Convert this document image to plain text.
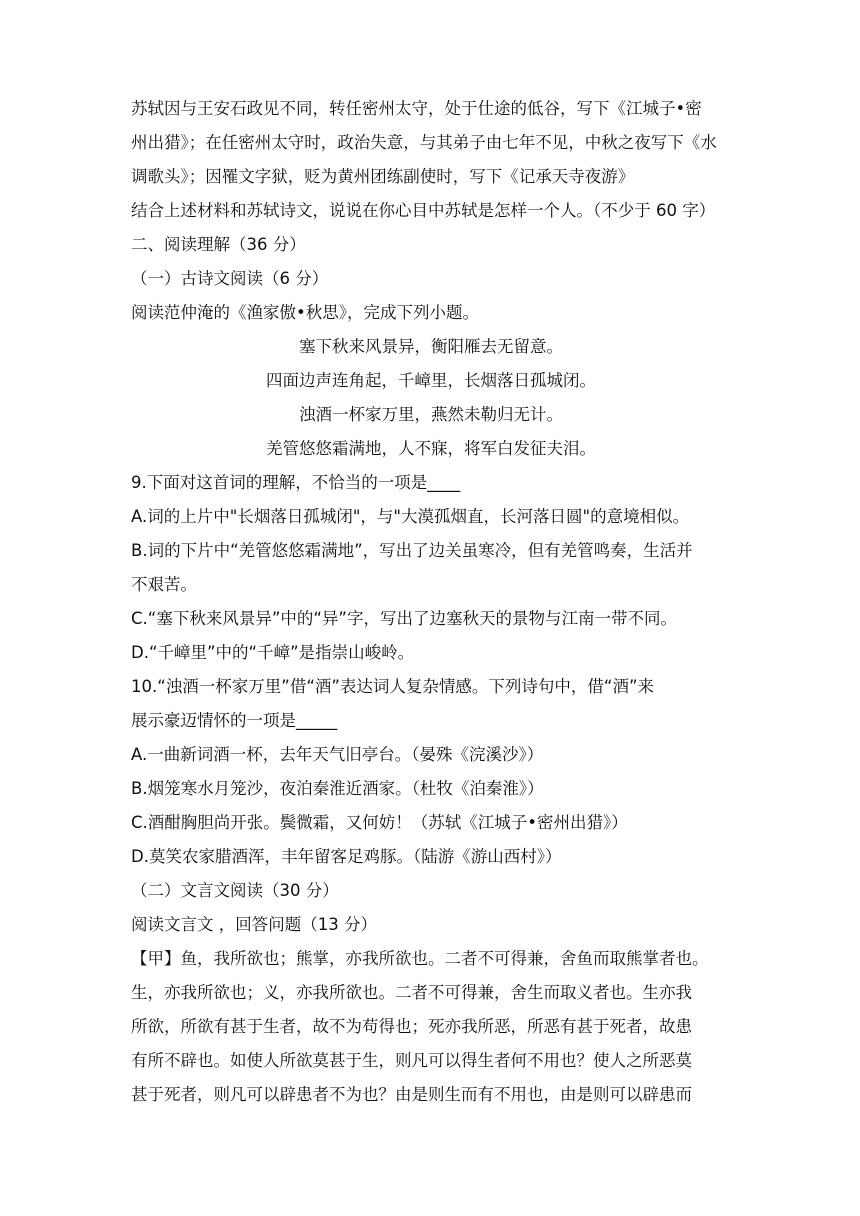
苏轼因与王安石政见不同，转任密州太守，处于仕途的低谷，写下《江城子•密
州出猎》；在任密州太守时，政治失意，与其弟子由七年不见，中秋之夜写下《水
调歌头》；因罹文字狱，贬为黄州团练副使时，写下《记承天寺夜游》
结合上述材料和苏轼诗文，说说在你心目中苏轼是怎样一个人。（不少于 60 字）
二、阅读理解（36 分）
（一）古诗文阅读（6 分）
阅读范仲淹的《渔家傲•秋思》，完成下列小题。
塞下秋来风景异，衡阳雁去无留意。
四面边声连角起，千嶂里，长烟落日孤城闭。
浊酒一杯家万里，燕然未勒归无计。
羌管悠悠霜满地，人不寐，将军白发征夫泪。
9.下面对这首词的理解，不恰当的一项是____
A.词的上片中"长烟落日孤城闭"，与"大漠孤烟直，长河落日圆"的意境相似。
B.词的下片中“羌管悠悠霜满地”，写出了边关虽寒冷，但有羌管鸣奏，生活并
不艰苦。
C.“塞下秋来风景异”中的“异”字，写出了边塞秋天的景物与江南一带不同。
D.“千嶂里”中的“千嶂”是指崇山峻岭。
10.“浊酒一杯家万里”借“酒”表达词人复杂情感。下列诗句中，借“酒”来
展示豪迈情怀的一项是_____
A.一曲新词酒一杯，去年天气旧亭台。（晏殊《浣溪沙》）
B.烟笼寒水月笼沙，夜泊秦淮近酒家。（杜牧《泊秦淮》）
C.酒酣胸胆尚开张。鬓微霜，又何妨！（苏轼《江城子•密州出猎》）
D.莫笑农家腊酒浑，丰年留客足鸡豚。（陆游《游山西村》）
（二）文言文阅读（30 分）
阅读文言文 ，回答问题（13 分）
【甲】鱼，我所欲也；熊掌，亦我所欲也。二者不可得兼，舍鱼而取熊掌者也。
生，亦我所欲也；义，亦我所欲也。二者不可得兼，舍生而取义者也。生亦我
所欲，所欲有甚于生者，故不为苟得也；死亦我所恶，所恶有甚于死者，故患
有所不辟也。如使人所欲莫甚于生，则凡可以得生者何不用也？使人之所恶莫
甚于死者，则凡可以辟患者不为也？由是则生而有不用也，由是则可以辟患而
